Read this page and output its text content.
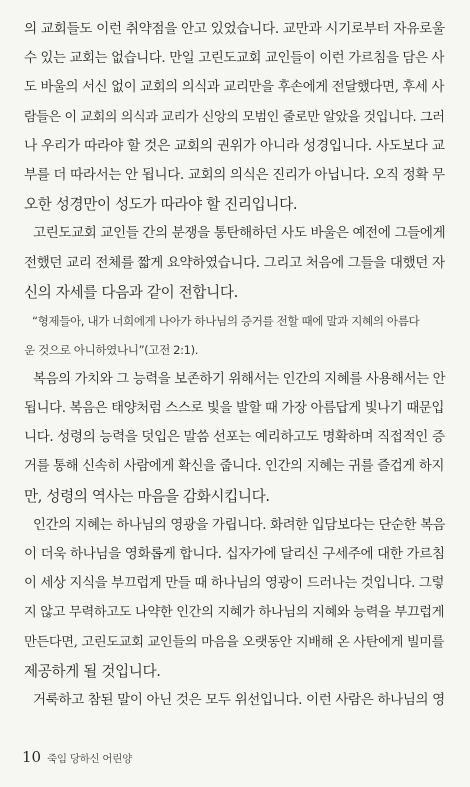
의 교회들도 이런 취약점을 안고 있었습니다. 교만과 시기로부터 자유로울
수 있는 교회는 없습니다. 만일 고린도교회 교인들이 이런 가르침을 담은 사
도 바울의 서신 없이 교회의 의식과 교리만을 후손에게 전달했다면, 후세 사
람들은 이 교회의 의식과 교리가 신앙의 모범인 줄로만 알았을 것입니다. 그러
나 우리가 따라야 할 것은 교회의 권위가 아니라 성경입니다. 사도보다 교
부를 더 따라서는 안 됩니다. 교회의 의식은 진리가 아닙니다. 오직 정확 무
오한 성경만이 성도가 따라야 할 진리입니다.
고린도교회 교인들 간의 분쟁을 통탄해하던 사도 바울은 예전에 그들에게
전했던 교리 전체를 짧게 요약하였습니다. 그리고 처음에 그들을 대했던 자
신의 자세를 다음과 같이 전합니다.
“형제들아, 내가 너희에게 나아가 하나님의 증거를 전할 때에 말과 지혜의 아름다
운 것으로 아니하였나니”(고전 2:1).
복음의 가치와 그 능력을 보존하기 위해서는 인간의 지혜를 사용해서는 안
됩니다. 복음은 태양처럼 스스로 빛을 발할 때 가장 아름답게 빛나기 때문입
니다. 성령의 능력을 덧입은 말씀 선포는 예리하고도 명확하며 직접적인 증
거를 통해 신속히 사람에게 확신을 줍니다. 인간의 지혜는 귀를 즐겁게 하지
만, 성령의 역사는 마음을 감화시킵니다.
인간의 지혜는 하나님의 영광을 가립니다. 화려한 입담보다는 단순한 복음
이 더욱 하나님을 영화롭게 합니다. 십자가에 달리신 구세주에 대한 가르침
이 세상 지식을 부끄럽게 만들 때 하나님의 영광이 드러나는 것입니다. 그렇
지 않고 무력하고도 나약한 인간의 지혜가 하나님의 지혜와 능력을 부끄럽게
만든다면, 고린도교회 교인들의 마음을 오랫동안 지배해 온 사탄에게 빌미를
제공하게 될 것입니다.
거룩하고 참된 말이 아닌 것은 모두 위선입니다. 이런 사람은 하나님의 영
10 죽임 당하신 어린양
